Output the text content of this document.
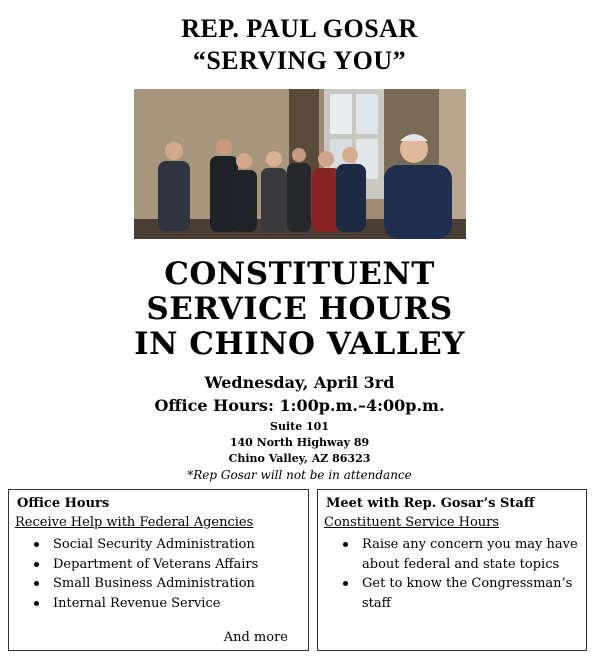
REP. PAUL GOSAR
“SERVING YOU”
CONSTITUENT
SERVICE HOURS
IN CHINO VALLEY
Wednesday, April 3rd
Office Hours: 1:00p.m.–4:00p.m.
Suite 101
140 North Highway 89
Chino Valley, AZ 86323
*Rep Gosar will not be in attendance
Office Hours
Receive Help with Federal Agencies
Social Security Administration
Department of Veterans Affairs
Small Business Administration
Internal Revenue Service
And more
Meet with Rep. Gosar’s Staff
Constituent Service Hours
Raise any concern you may have about federal and state topics
Get to know the Congressman’s staff
